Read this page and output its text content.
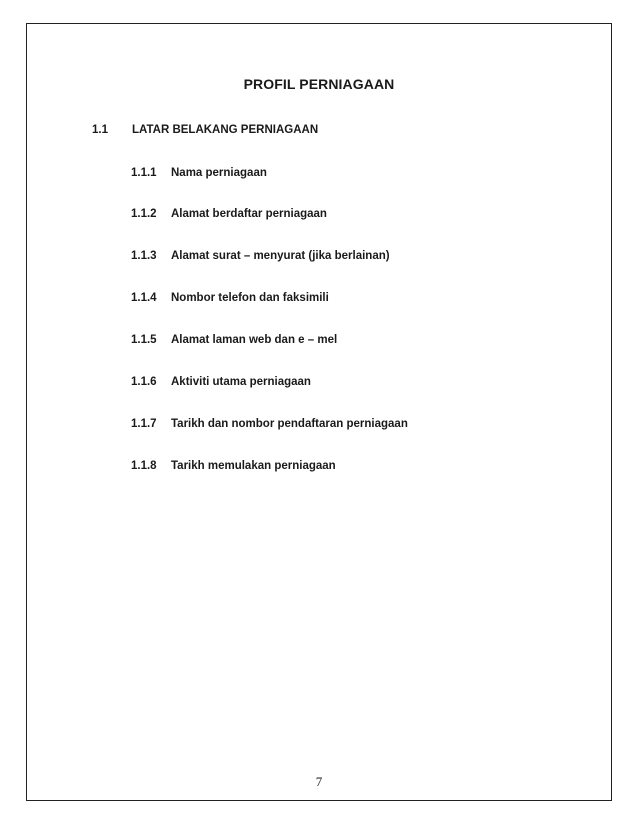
PROFIL PERNIAGAAN
1.1 LATAR BELAKANG PERNIAGAAN
1.1.1 Nama perniagaan
1.1.2 Alamat berdaftar perniagaan
1.1.3 Alamat surat – menyurat (jika berlainan)
1.1.4 Nombor telefon dan faksimili
1.1.5 Alamat laman web dan e – mel
1.1.6 Aktiviti utama perniagaan
1.1.7 Tarikh dan nombor pendaftaran perniagaan
1.1.8 Tarikh memulakan perniagaan
7
